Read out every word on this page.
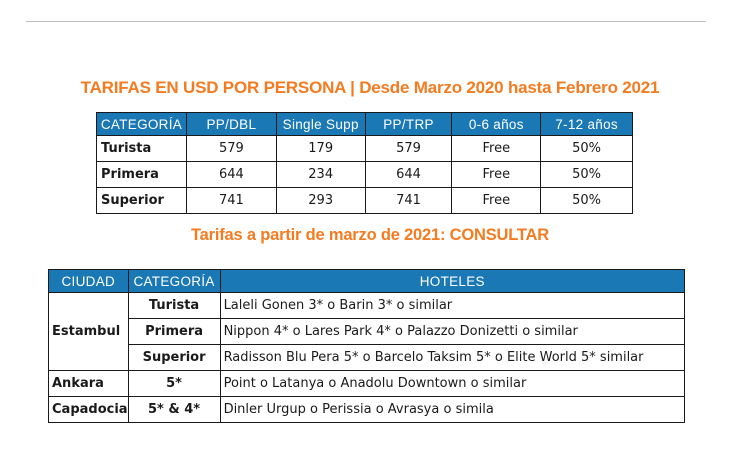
TARIFAS EN USD POR PERSONA | Desde Marzo 2020 hasta Febrero 2021
CATEGORÍA	PP/DBL	Single Supp	PP/TRP	0-6 años	7-12 años
Turista	579	179	579	Free	50%
Primera	644	234	644	Free	50%
Superior	741	293	741	Free	50%
Tarifas a partir de marzo de 2021: CONSULTAR
CIUDAD	CATEGORÍA	HOTELES
Estambul	Turista	Laleli Gonen 3* o Barin 3* o similar
	Primera	Nippon 4* o Lares Park 4* o Palazzo Donizetti o similar
	Superior	Radisson Blu Pera 5* o Barcelo Taksim 5* o Elite World 5* similar
Ankara	5*	Point o Latanya o Anadolu Downtown o similar
Capadocia	5* & 4*	Dinler Urgup o Perissia o Avrasya o simila
